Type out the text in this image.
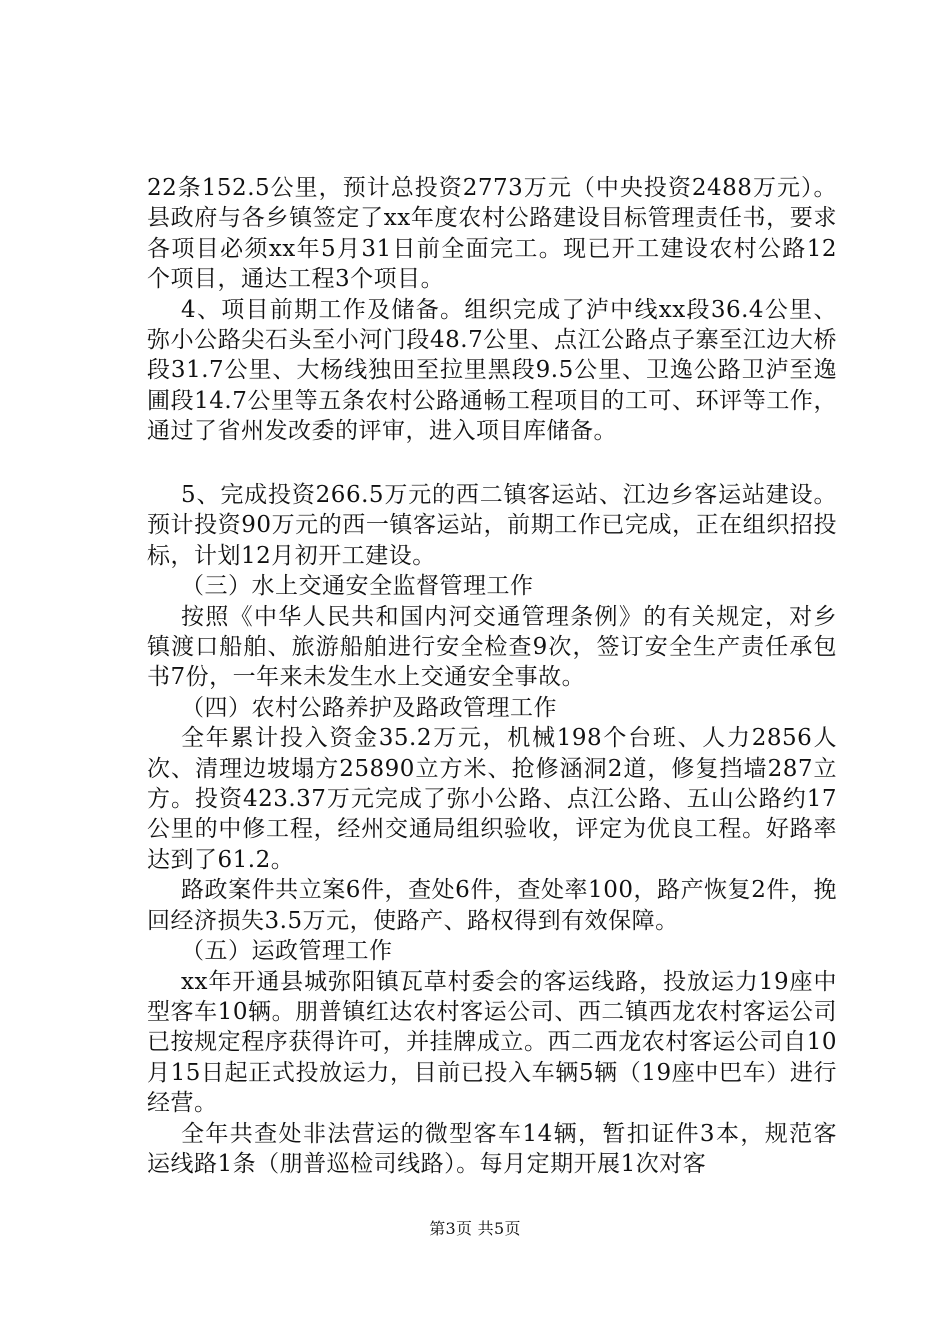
22条152.5公里，预计总投资2773万元（中央投资2488万元）。县政府与各乡镇签定了xx年度农村公路建设目标管理责任书，要求各项目必须xx年5月31日前全面完工。现已开工建设农村公路12个项目，通达工程3个项目。

4、项目前期工作及储备。组织完成了泸中线xx段36.4公里、弥小公路尖石头至小河门段48.7公里、点江公路点子寨至江边大桥段31.7公里、大杨线独田至拉里黑段9.5公里、卫逸公路卫泸至逸圃段14.7公里等五条农村公路通畅工程项目的工可、环评等工作，通过了省州发改委的评审，进入项目库储备。

5、完成投资266.5万元的西二镇客运站、江边乡客运站建设。预计投资90万元的西一镇客运站，前期工作已完成，正在组织招投标，计划12月初开工建设。

（三）水上交通安全监督管理工作

按照《中华人民共和国内河交通管理条例》的有关规定，对乡镇渡口船舶、旅游船舶进行安全检查9次，签订安全生产责任承包书7份，一年来未发生水上交通安全事故。

（四）农村公路养护及路政管理工作

全年累计投入资金35.2万元，机械198个台班、人力2856人次、清理边坡塌方25890立方米、抢修涵洞2道，修复挡墙287立方。投资423.37万元完成了弥小公路、点江公路、五山公路约17公里的中修工程，经州交通局组织验收，评定为优良工程。好路率达到了61.2。

路政案件共立案6件，查处6件，查处率100，路产恢复2件，挽回经济损失3.5万元，使路产、路权得到有效保障。

（五）运政管理工作

xx年开通县城弥阳镇瓦草村委会的客运线路，投放运力19座中型客车10辆。朋普镇红达农村客运公司、西二镇西龙农村客运公司已按规定程序获得许可，并挂牌成立。西二西龙农村客运公司自10月15日起正式投放运力，目前已投入车辆5辆（19座中巴车）进行经营。

全年共查处非法营运的微型客车14辆，暂扣证件3本，规范客运线路1条（朋普巡检司线路）。每月定期开展1次对客

第3页 共5页
